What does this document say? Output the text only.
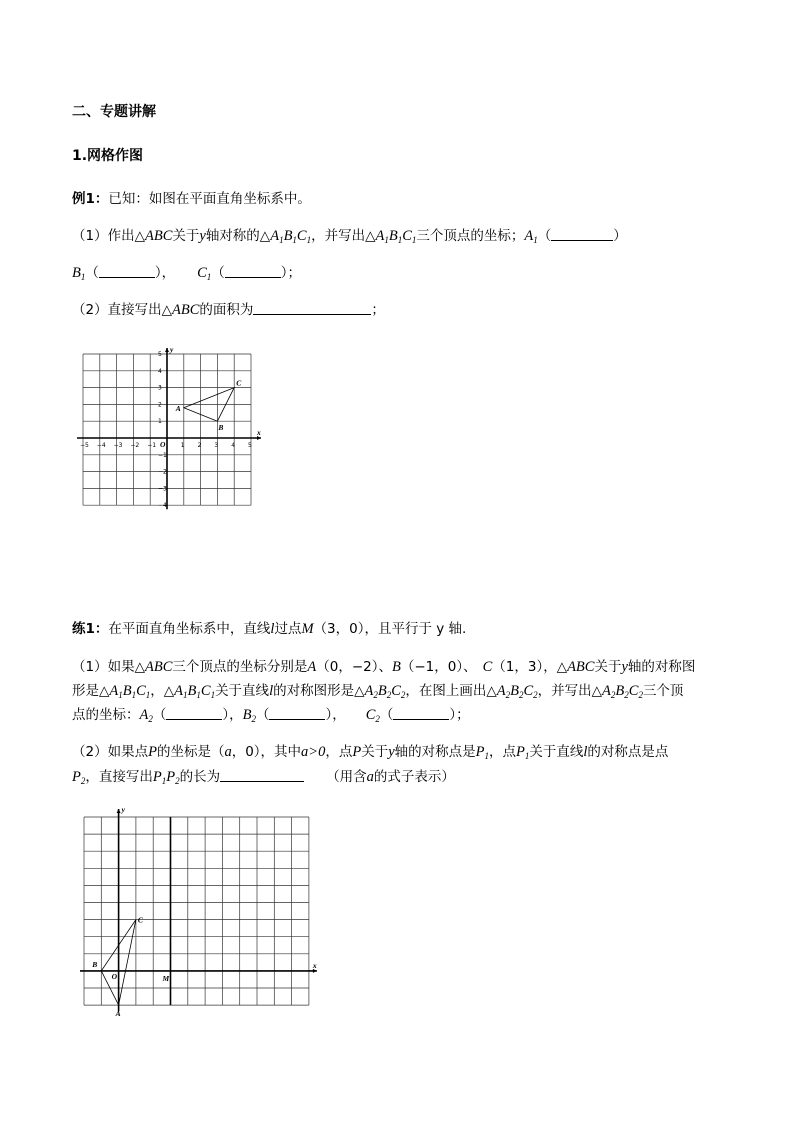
二、专题讲解
1.网格作图
例1：已知：如图在平面直角坐标系中。
（1）作出△ABC关于y轴对称的$\triangle A_1B_1C_1$，并写出$\triangle A_1B_1C_1$三个顶点的坐标；$A_1$（	）
$B_1$（	）， $C_1$（	）；
（2）直接写出△ABC的面积为	；
x
y
−5 −4 −3 −2 −1 O	1 2 3 4 5
5
4
3
2
1
−1
−2
−3
−4
A
B
C
练1：在平面直角坐标系中，直线l过点M（3，0），且平行于 y 轴.
（1）如果△ABC三个顶点的坐标分别是A（0，−2）、B（−1，0）、 C（1，3），△ABC关于y轴的对称图
形是$\triangle A_1B_1C_1$，$\triangle A_1B_1C_1$关于直线l的对称图形是$\triangle A_2B_2C_2$，在图上画出$\triangle A_2B_2C_2$，并写出$\triangle A_2B_2C_2$三个顶
点的坐标：$A_2$（	），$B_2$（	）， $C_2$（	）；
（2）如果点P的坐标是（a，0），其中a>0，点P关于y轴的对称点是$P_1$，点$P_1$关于直线l的对称点是点
$P_2$，直接写出$P_1P_2$的长为	（用含a的式子表示）
x
y
O	M
A
B
C
